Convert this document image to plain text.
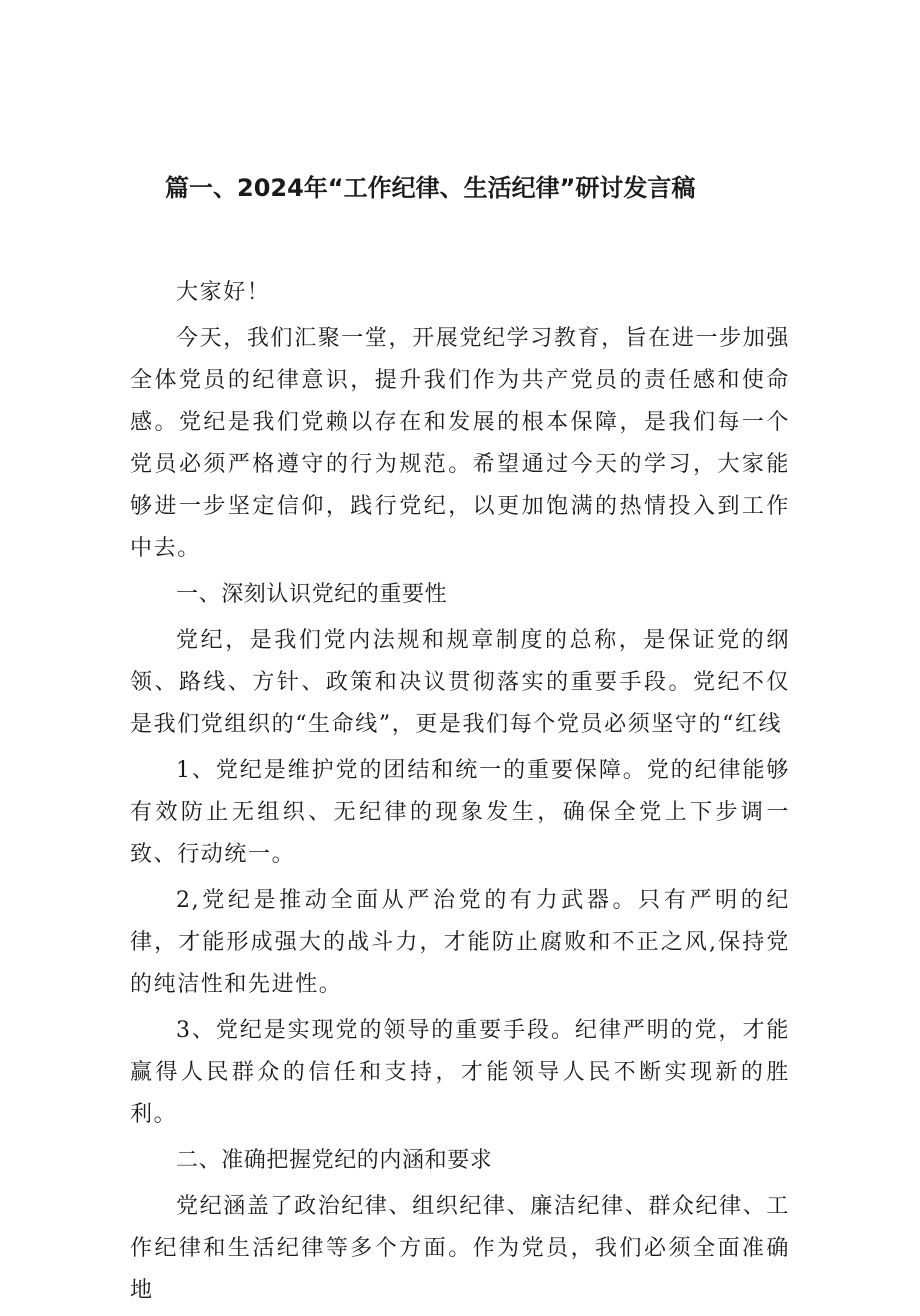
篇一、2024年“工作纪律、生活纪律”研讨发言稿

大家好！

今天，我们汇聚一堂，开展党纪学习教育，旨在进一步加强全体党员的纪律意识，提升我们作为共产党员的责任感和使命感。党纪是我们党赖以存在和发展的根本保障，是我们每一个党员必须严格遵守的行为规范。希望通过今天的学习，大家能够进一步坚定信仰，践行党纪，以更加饱满的热情投入到工作中去。

一、深刻认识党纪的重要性

党纪，是我们党内法规和规章制度的总称，是保证党的纲领、路线、方针、政策和决议贯彻落实的重要手段。党纪不仅是我们党组织的“生命线”，更是我们每个党员必须坚守的“红线

1、党纪是维护党的团结和统一的重要保障。党的纪律能够有效防止无组织、无纪律的现象发生，确保全党上下步调一致、行动统一。

2,党纪是推动全面从严治党的有力武器。只有严明的纪律，才能形成强大的战斗力，才能防止腐败和不正之风,保持党的纯洁性和先进性。

3、党纪是实现党的领导的重要手段。纪律严明的党，才能赢得人民群众的信任和支持，才能领导人民不断实现新的胜利。

二、准确把握党纪的内涵和要求

党纪涵盖了政治纪律、组织纪律、廉洁纪律、群众纪律、工作纪律和生活纪律等多个方面。作为党员，我们必须全面准确地
